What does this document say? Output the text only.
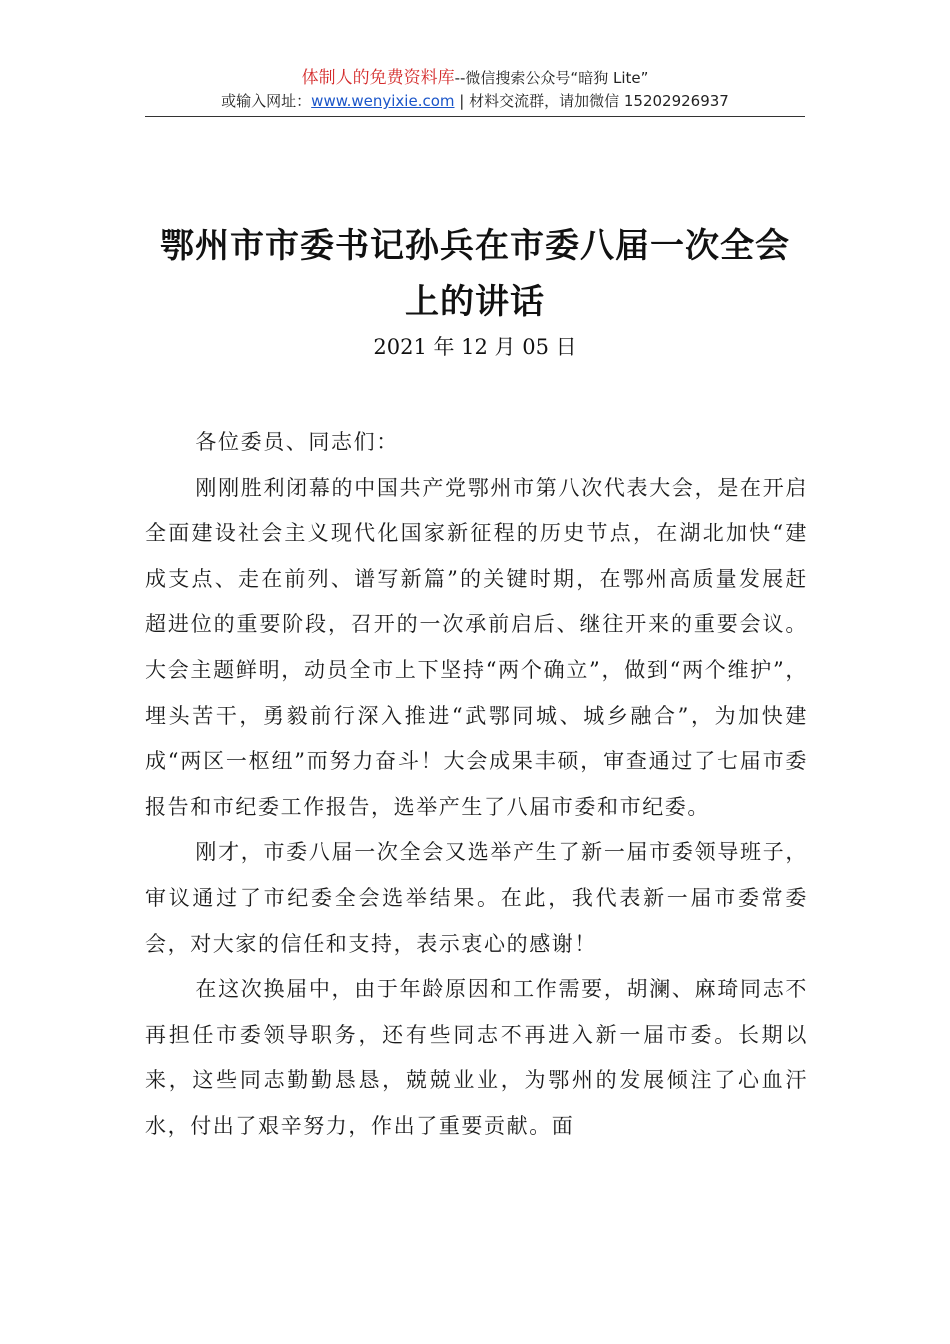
体制人的免费资料库--微信搜索公众号“暗狗 Lite”
或输入网址：www.wenyixie.com | 材料交流群，请加微信 15202926937
鄂州市市委书记孙兵在市委八届一次全会上的讲话
2021 年 12 月 05 日

各位委员、同志们：

刚刚胜利闭幕的中国共产党鄂州市第八次代表大会，是在开启全面建设社会主义现代化国家新征程的历史节点，在湖北加快“建成支点、走在前列、谱写新篇”的关键时期，在鄂州高质量发展赶超进位的重要阶段，召开的一次承前启后、继往开来的重要会议。大会主题鲜明，动员全市上下坚持“两个确立”，做到“两个维护”，埋头苦干，勇毅前行深入推进“武鄂同城、城乡融合”，为加快建成“两区一枢纽”而努力奋斗！大会成果丰硕，审查通过了七届市委报告和市纪委工作报告，选举产生了八届市委和市纪委。

刚才，市委八届一次全会又选举产生了新一届市委领导班子，审议通过了市纪委全会选举结果。在此，我代表新一届市委常委会，对大家的信任和支持，表示衷心的感谢！

在这次换届中，由于年龄原因和工作需要，胡澜、麻琦同志不再担任市委领导职务，还有些同志不再进入新一届市委。长期以来，这些同志勤勤恳恳，兢兢业业，为鄂州的发展倾注了心血汗水，付出了艰辛努力，作出了重要贡献。面
